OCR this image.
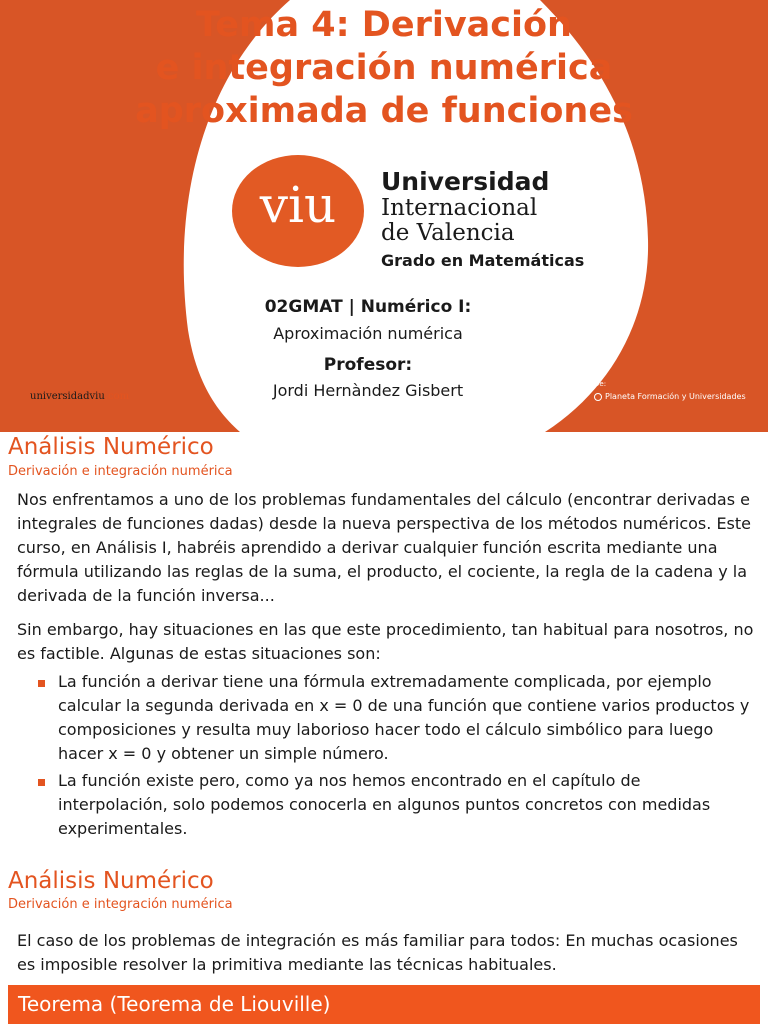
Tema 4: Derivación
e integración numérica
aproximada de funciones
viu	Universidad
Internacional
de Valencia
Grado en Matemáticas
02GMAT | Numérico I:
Aproximación numérica
Profesor:
Jordi Hernàndez Gisbert
universidadviu.com
De:
Planeta Formación y Universidades
Análisis Numérico
Derivación e integración numérica
Nos enfrentamos a uno de los problemas fundamentales del cálculo (encontrar derivadas e integrales de funciones dadas) desde la nueva perspectiva de los métodos numéricos. Este curso, en Análisis I, habréis aprendido a derivar cualquier función escrita mediante una fórmula utilizando las reglas de la suma, el producto, el cociente, la regla de la cadena y la derivada de la función inversa...
Sin embargo, hay situaciones en las que este procedimiento, tan habitual para nosotros, no es factible. Algunas de estas situaciones son:
La función a derivar tiene una fórmula extremadamente complicada, por ejemplo calcular la segunda derivada en x = 0 de una función que contiene varios productos y composiciones y resulta muy laborioso hacer todo el cálculo simbólico para luego hacer x = 0 y obtener un simple número.
La función existe pero, como ya nos hemos encontrado en el capítulo de interpolación, solo podemos conocerla en algunos puntos concretos con medidas experimentales.
Análisis Numérico
Derivación e integración numérica
El caso de los problemas de integración es más familiar para todos: En muchas ocasiones es imposible resolver la primitiva mediante las técnicas habituales.
Teorema (Teorema de Liouville)
